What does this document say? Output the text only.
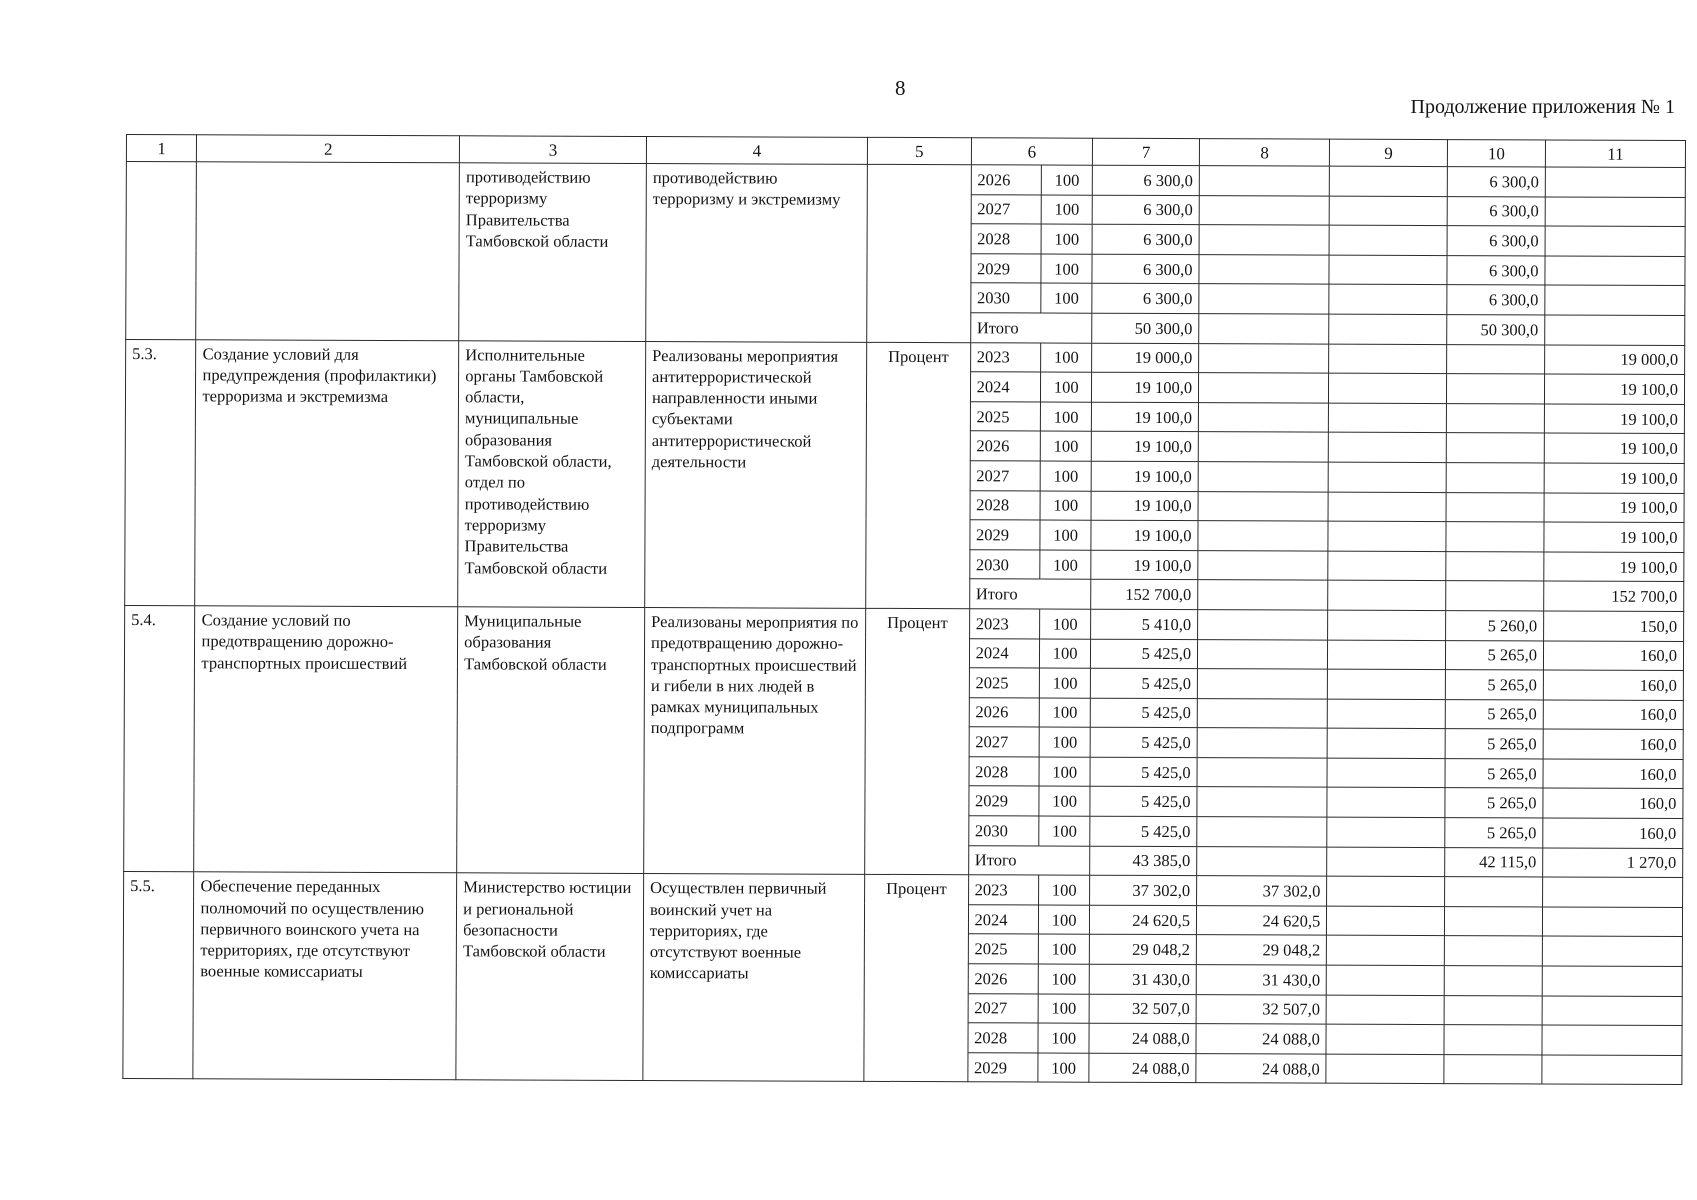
8
Продолжение приложения № 1
1	2	3	4	5	6		7	8	9	10	11
		противодействию терроризму Правительства Тамбовской области	противодействию терроризму и экстремизму		2026	100	6 300,0			6 300,0	
					2027	100	6 300,0			6 300,0	
					2028	100	6 300,0			6 300,0	
					2029	100	6 300,0			6 300,0	
					2030	100	6 300,0			6 300,0	
					Итого		50 300,0			50 300,0	
5.3.	Создание условий для предупреждения (профилактики) терроризма и экстремизма	Исполнительные органы Тамбовской области, муниципальные образования Тамбовской области, отдел по противодействию терроризму Правительства Тамбовской области	Реализованы мероприятия антитеррористической направленности иными субъектами антитеррористической деятельности	Процент	2023	100	19 000,0				19 000,0
					2024	100	19 100,0				19 100,0
					2025	100	19 100,0				19 100,0
					2026	100	19 100,0				19 100,0
					2027	100	19 100,0				19 100,0
					2028	100	19 100,0				19 100,0
					2029	100	19 100,0				19 100,0
					2030	100	19 100,0				19 100,0
					Итого		152 700,0				152 700,0
5.4.	Создание условий по предотвращению дорожно-транспортных происшествий	Муниципальные образования Тамбовской области	Реализованы мероприятия по предотвращению дорожно-транспортных происшествий и гибели в них людей в рамках муниципальных подпрограмм	Процент	2023	100	5 410,0			5 260,0	150,0
					2024	100	5 425,0			5 265,0	160,0
					2025	100	5 425,0			5 265,0	160,0
					2026	100	5 425,0			5 265,0	160,0
					2027	100	5 425,0			5 265,0	160,0
					2028	100	5 425,0			5 265,0	160,0
					2029	100	5 425,0			5 265,0	160,0
					2030	100	5 425,0			5 265,0	160,0
					Итого		43 385,0			42 115,0	1 270,0
5.5.	Обеспечение переданных полномочий по осуществлению первичного воинского учета на территориях, где отсутствуют военные комиссариаты	Министерство юстиции и региональной безопасности Тамбовской области	Осуществлен первичный воинский учет на территориях, где отсутствуют военные комиссариаты	Процент	2023	100	37 302,0	37 302,0			
					2024	100	24 620,5	24 620,5			
					2025	100	29 048,2	29 048,2			
					2026	100	31 430,0	31 430,0			
					2027	100	32 507,0	32 507,0			
					2028	100	24 088,0	24 088,0			
					2029	100	24 088,0	24 088,0			
